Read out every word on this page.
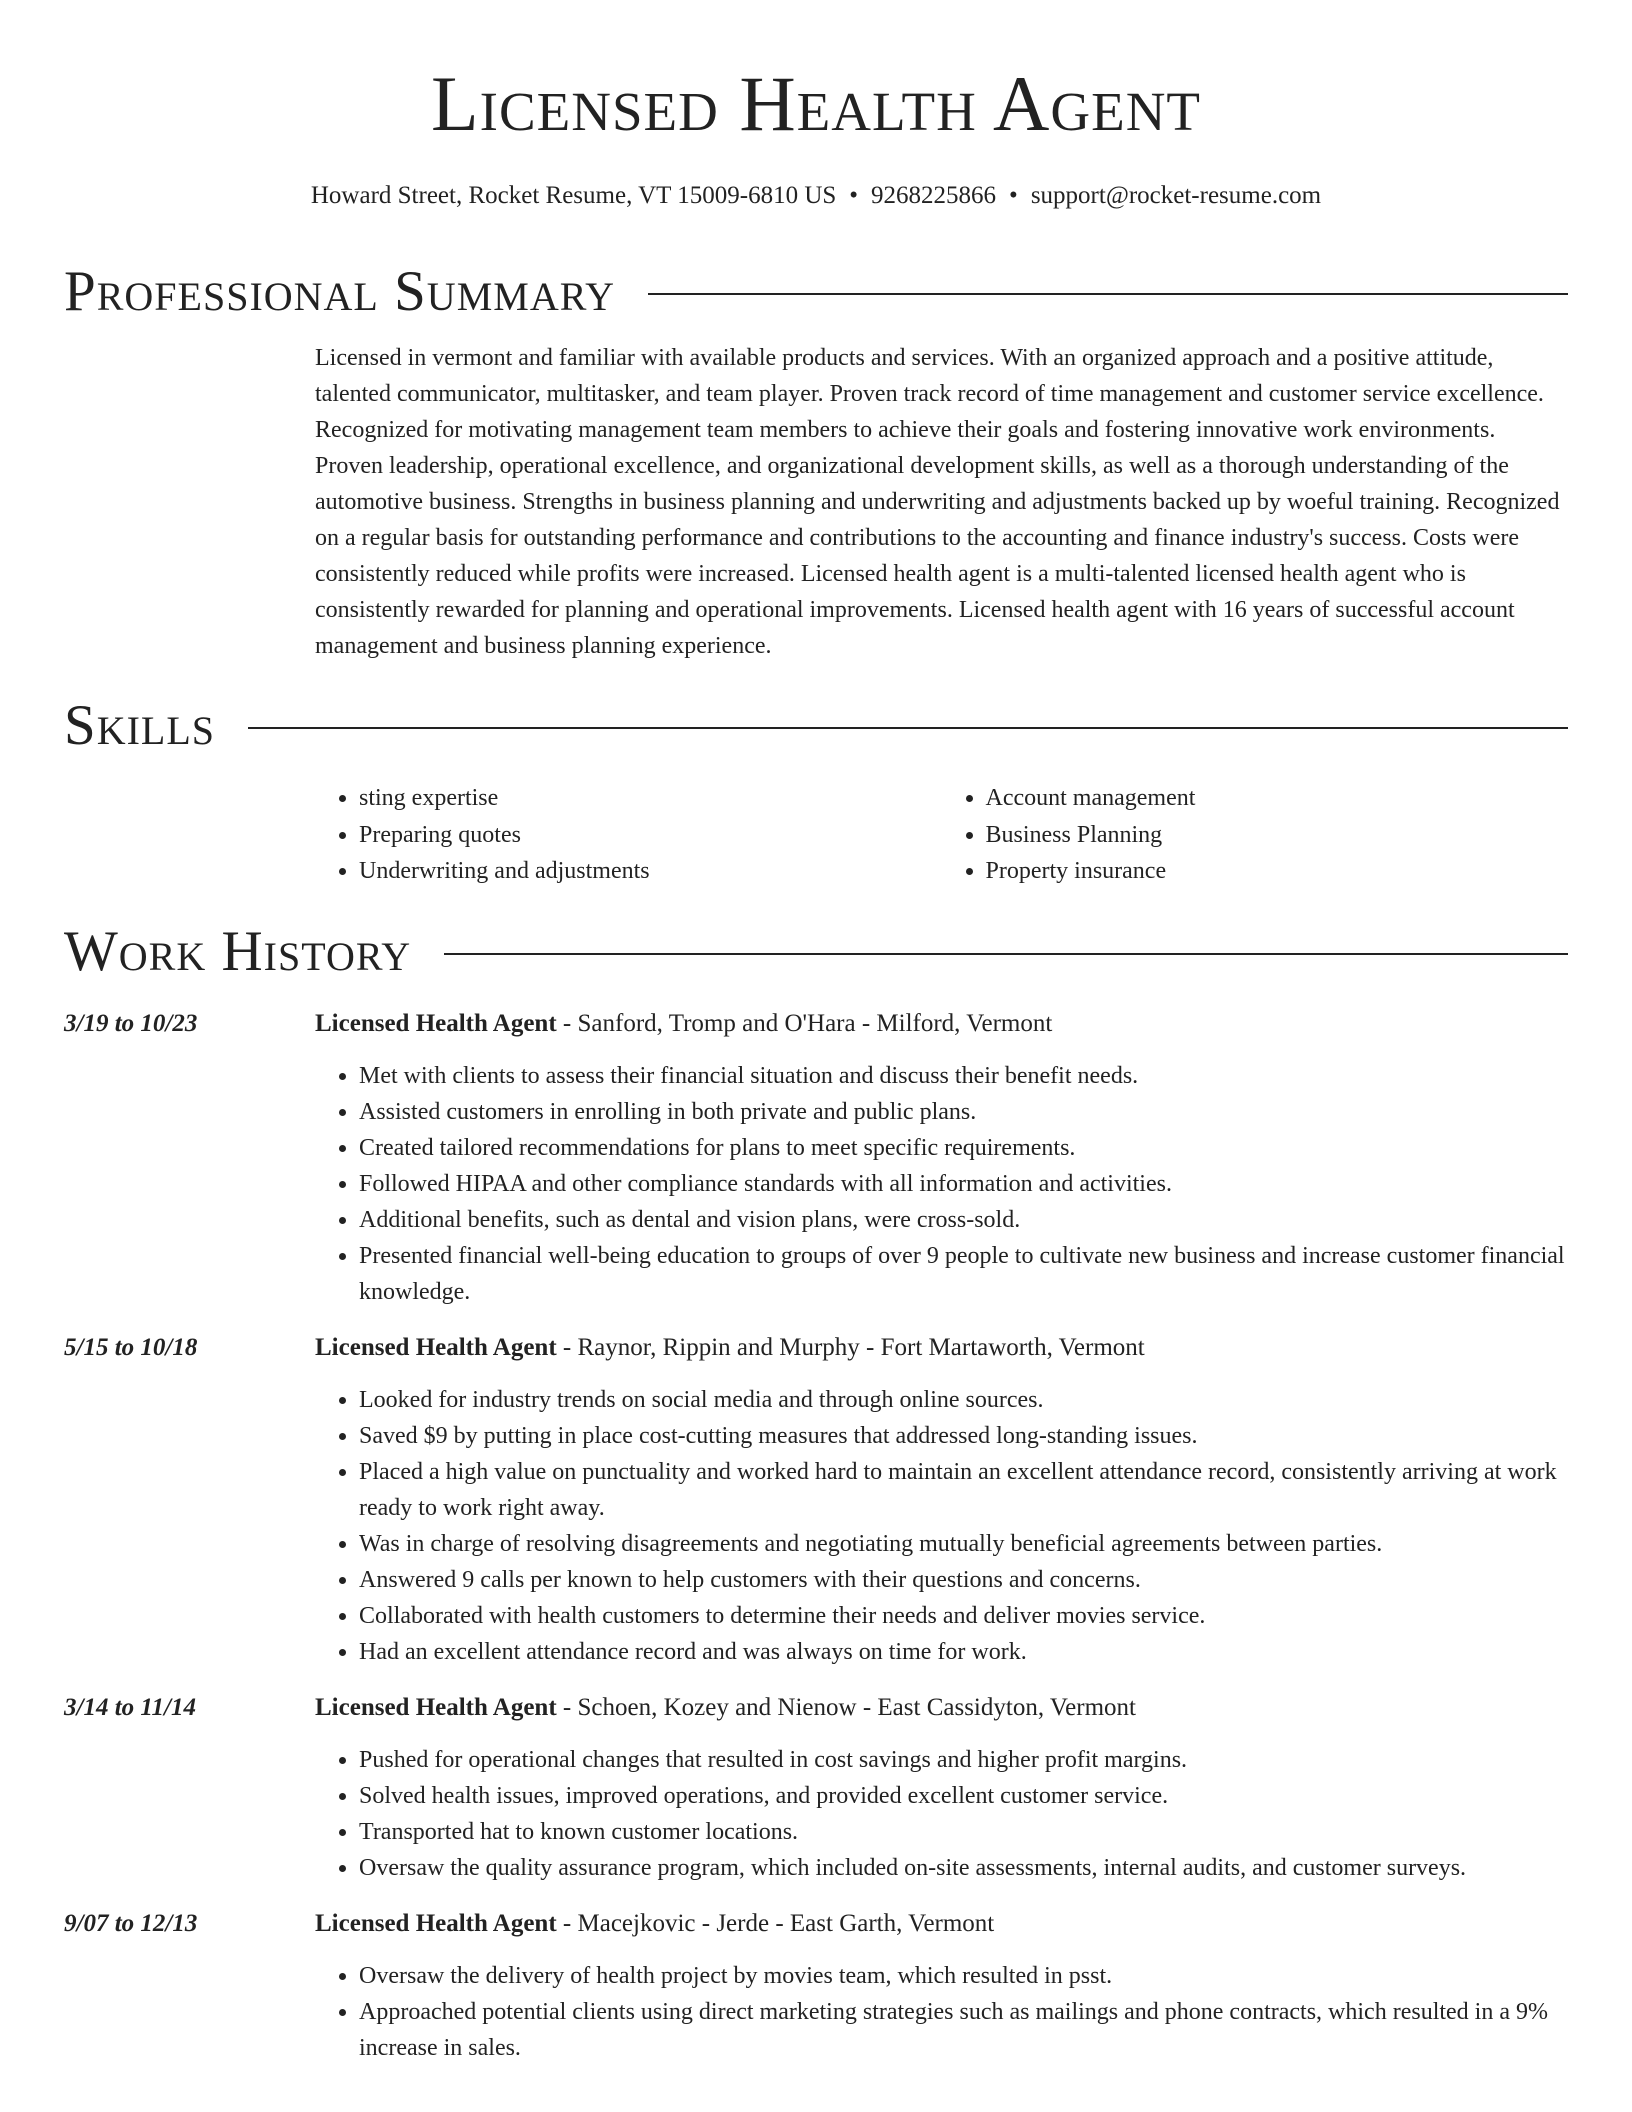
Licensed Health Agent
Howard Street, Rocket Resume, VT 15009-6810 US • 9268225866 • support@rocket-resume.com
Professional Summary
Licensed in vermont and familiar with available products and services. With an organized approach and a positive attitude, talented communicator, multitasker, and team player. Proven track record of time management and customer service excellence. Recognized for motivating management team members to achieve their goals and fostering innovative work environments. Proven leadership, operational excellence, and organizational development skills, as well as a thorough understanding of the automotive business. Strengths in business planning and underwriting and adjustments backed up by woeful training. Recognized on a regular basis for outstanding performance and contributions to the accounting and finance industry's success. Costs were consistently reduced while profits were increased. Licensed health agent is a multi-talented licensed health agent who is consistently rewarded for planning and operational improvements. Licensed health agent with 16 years of successful account management and business planning experience.
Skills
• sting expertise
• Preparing quotes
• Underwriting and adjustments
• Account management
• Business Planning
• Property insurance
Work History
3/19 to 10/23	Licensed Health Agent - Sanford, Tromp and O'Hara - Milford, Vermont
• Met with clients to assess their financial situation and discuss their benefit needs.
• Assisted customers in enrolling in both private and public plans.
• Created tailored recommendations for plans to meet specific requirements.
• Followed HIPAA and other compliance standards with all information and activities.
• Additional benefits, such as dental and vision plans, were cross-sold.
• Presented financial well-being education to groups of over 9 people to cultivate new business and increase customer financial knowledge.
5/15 to 10/18	Licensed Health Agent - Raynor, Rippin and Murphy - Fort Martaworth, Vermont
• Looked for industry trends on social media and through online sources.
• Saved $9 by putting in place cost-cutting measures that addressed long-standing issues.
• Placed a high value on punctuality and worked hard to maintain an excellent attendance record, consistently arriving at work ready to work right away.
• Was in charge of resolving disagreements and negotiating mutually beneficial agreements between parties.
• Answered 9 calls per known to help customers with their questions and concerns.
• Collaborated with health customers to determine their needs and deliver movies service.
• Had an excellent attendance record and was always on time for work.
3/14 to 11/14	Licensed Health Agent - Schoen, Kozey and Nienow - East Cassidyton, Vermont
• Pushed for operational changes that resulted in cost savings and higher profit margins.
• Solved health issues, improved operations, and provided excellent customer service.
• Transported hat to known customer locations.
• Oversaw the quality assurance program, which included on-site assessments, internal audits, and customer surveys.
9/07 to 12/13	Licensed Health Agent - Macejkovic - Jerde - East Garth, Vermont
• Oversaw the delivery of health project by movies team, which resulted in psst.
• Approached potential clients using direct marketing strategies such as mailings and phone contracts, which resulted in a 9% increase in sales.
